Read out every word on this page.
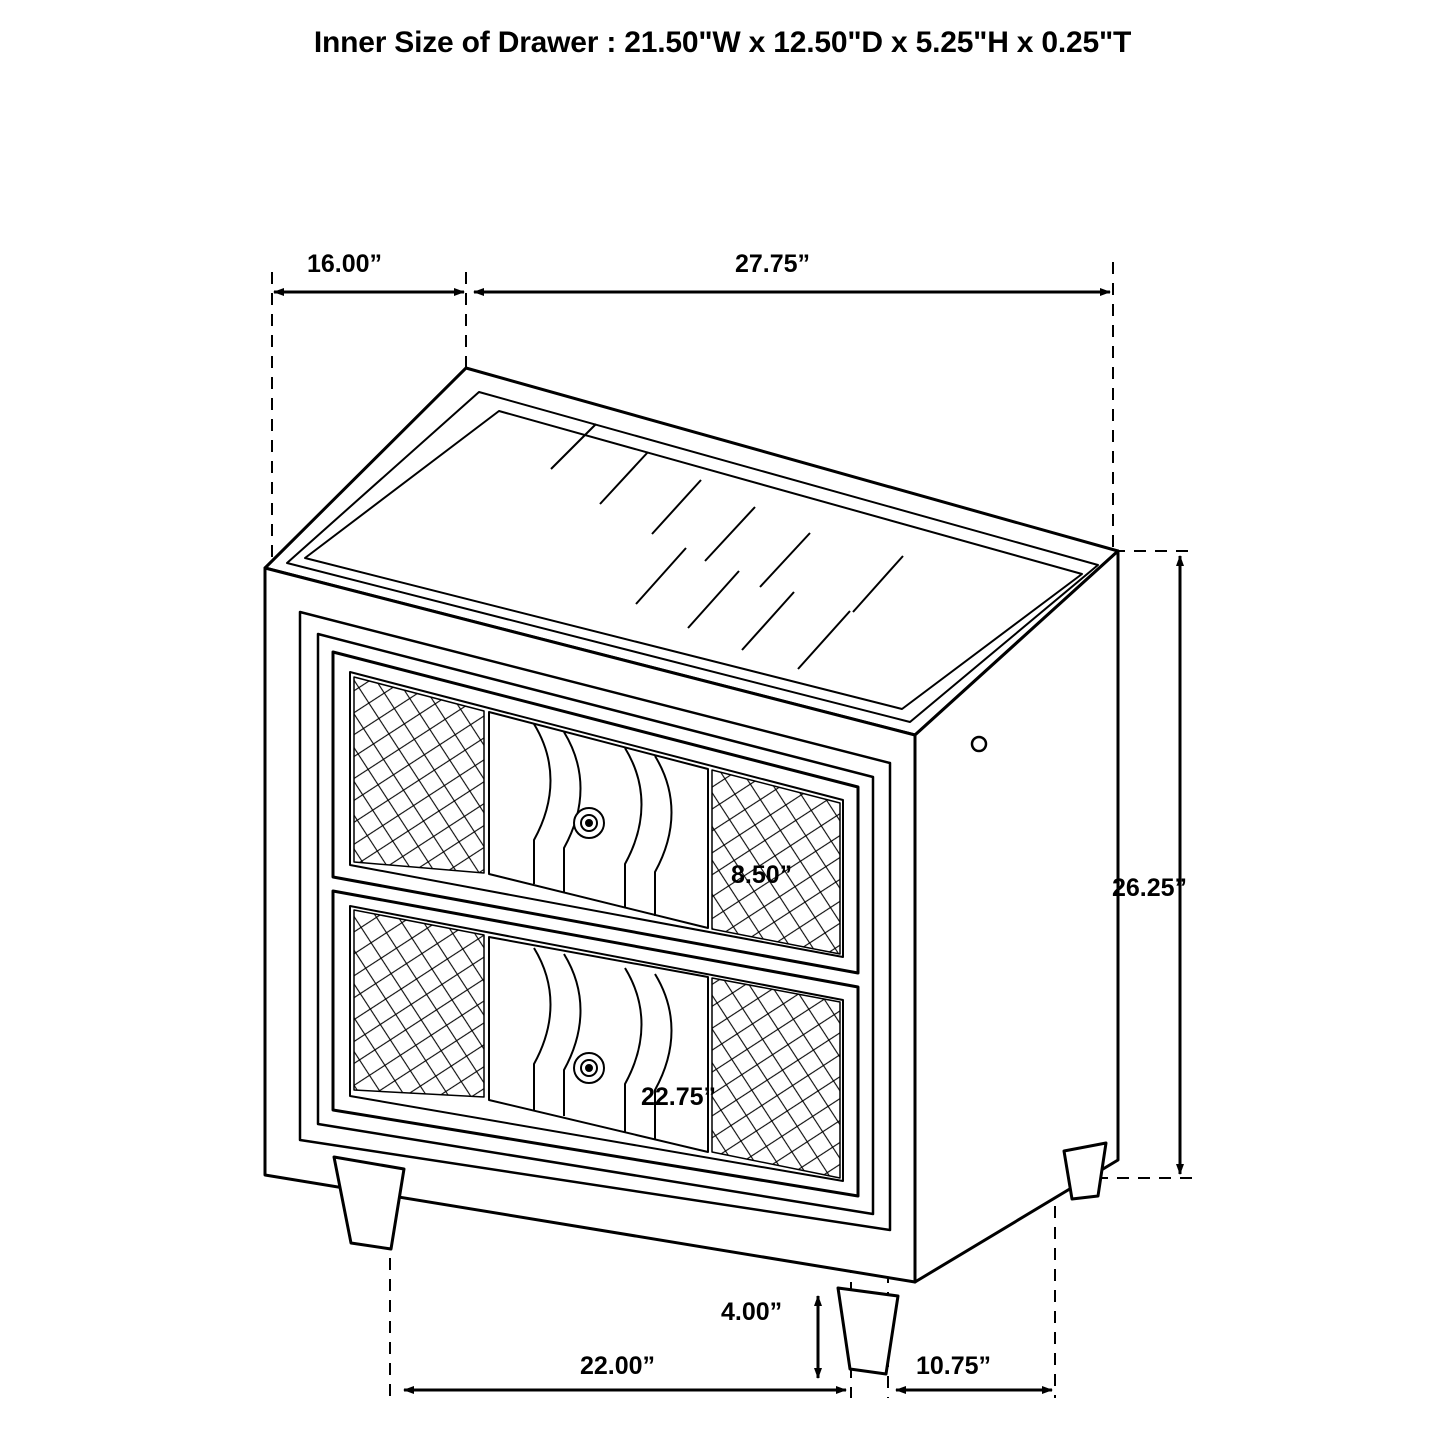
Inner Size of Drawer : 21.50"W x 12.50"D x 5.25"H x 0.25"T
16.00”	27.75”
26.25”
8.50”
22.75”
4.00”
22.00”	10.75”
